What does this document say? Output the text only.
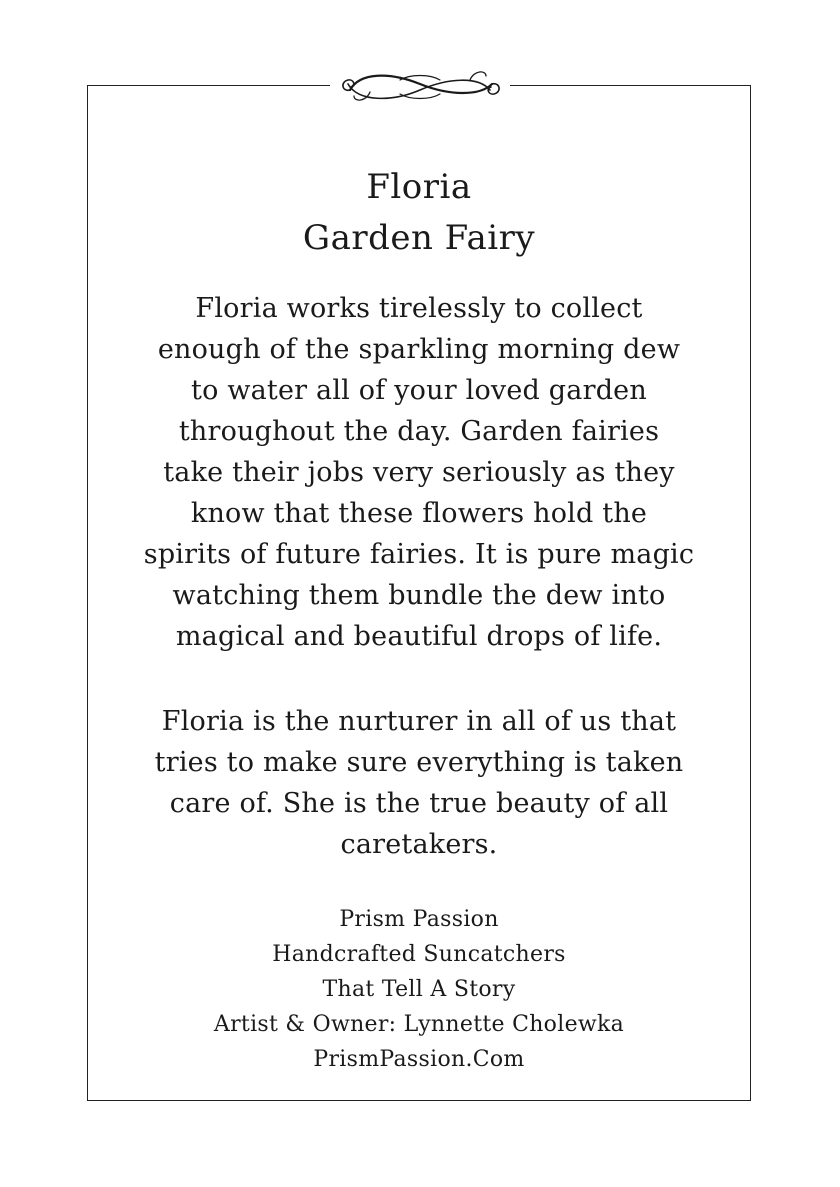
Floria
Garden Fairy
Floria works tirelessly to collect
enough of the sparkling morning dew
to water all of your loved garden
throughout the day. Garden fairies
take their jobs very seriously as they
know that these flowers hold the
spirits of future fairies. It is pure magic
watching them bundle the dew into
magical and beautiful drops of life.
Floria is the nurturer in all of us that
tries to make sure everything is taken
care of. She is the true beauty of all
caretakers.
Prism Passion
Handcrafted Suncatchers
That Tell A Story
Artist & Owner: Lynnette Cholewka
PrismPassion.Com
